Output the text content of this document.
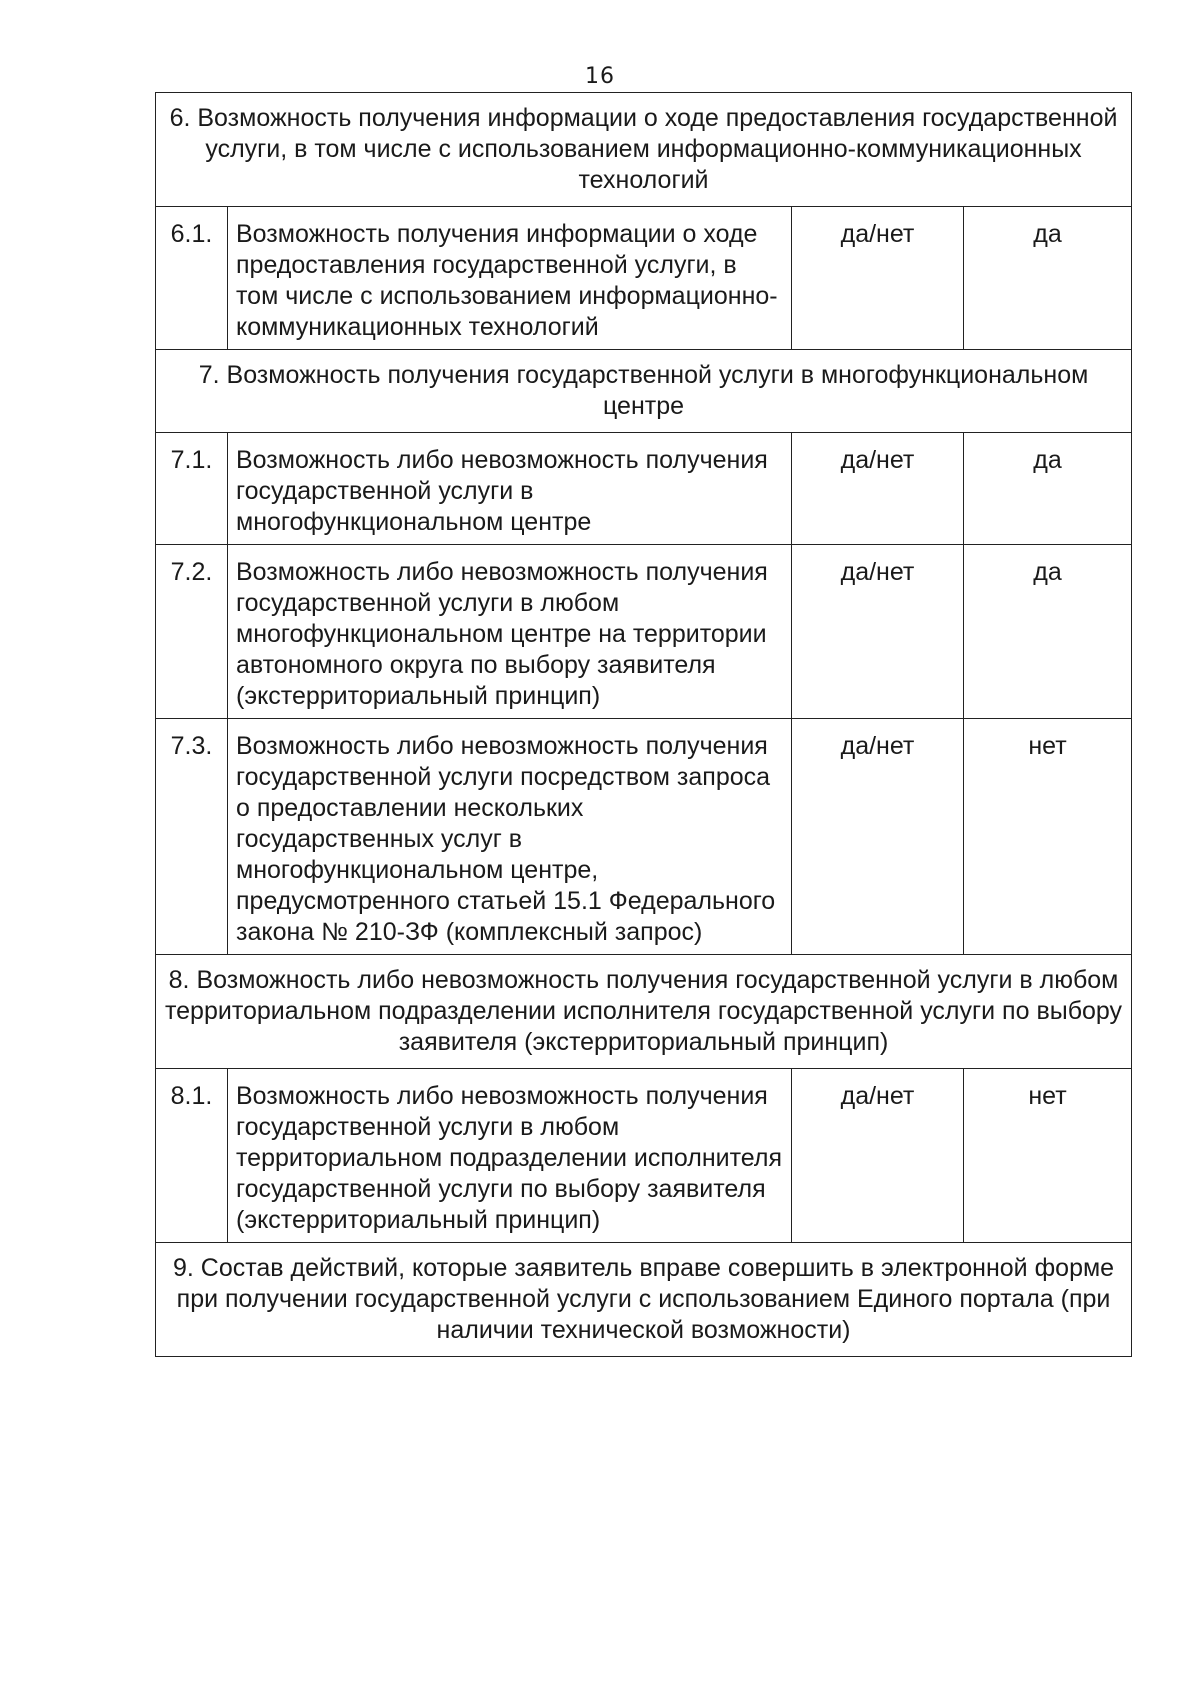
16
6. Возможность получения информации о ходе предоставления государственной услуги, в том числе с использованием информационно-коммуникационных технологий			
6.1.	Возможность получения информации о ходе предоставления государственной услуги, в том числе с использованием информационно-коммуникационных технологий	да/нет	да
7. Возможность получения государственной услуги в многофункциональном центре			
7.1.	Возможность либо невозможность получения государственной услуги в многофункциональном центре	да/нет	да
7.2.	Возможность либо невозможность получения государственной услуги в любом многофункциональном центре на территории автономного округа по выбору заявителя (экстерриториальный принцип)	да/нет	да
7.3.	Возможность либо невозможность получения государственной услуги посредством запроса о предоставлении нескольких государственных услуг в многофункциональном центре, предусмотренного статьей 15.1 Федерального закона № 210-ЗФ (комплексный запрос)	да/нет	нет
8. Возможность либо невозможность получения государственной услуги в любом территориальном подразделении исполнителя государственной услуги по выбору заявителя (экстерриториальный принцип)			
8.1.	Возможность либо невозможность получения государственной услуги в любом территориальном подразделении исполнителя государственной услуги по выбору заявителя (экстерриториальный принцип)	да/нет	нет
9. Состав действий, которые заявитель вправе совершить в электронной форме при получении государственной услуги с использованием Единого портала (при наличии технической возможности)			
